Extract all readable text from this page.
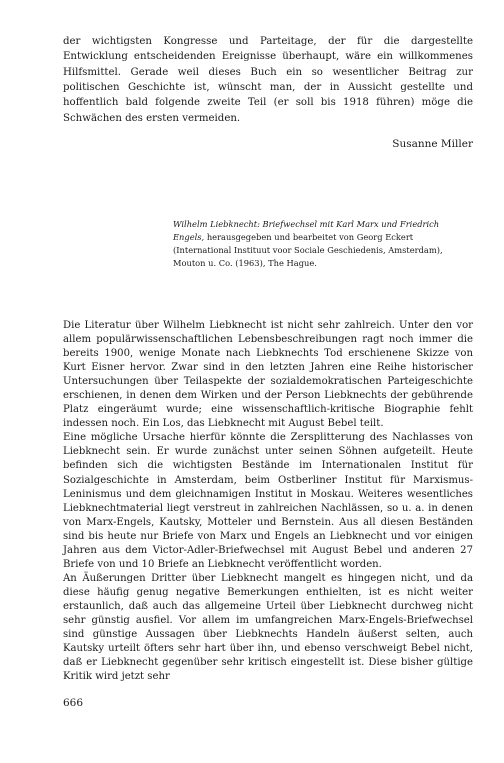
der wichtigsten Kongresse und Parteitage, der für die dargestellte Entwicklung entscheidenden Ereignisse überhaupt, wäre ein willkommenes Hilfsmittel. Gerade weil dieses Buch ein so wesentlicher Beitrag zur politischen Geschichte ist, wünscht man, der in Aussicht gestellte und hoffentlich bald folgende zweite Teil (er soll bis 1918 führen) möge die Schwächen des ersten vermeiden.

Susanne Miller
Wilhelm Liebknecht: Briefwechsel mit Karl Marx und Friedrich Engels, herausgegeben und bearbeitet von Georg Eckert (International Instituut voor Sociale Geschiedenis, Amsterdam), Mouton u. Co. (1963), The Hague.

Die Literatur über Wilhelm Liebknecht ist nicht sehr zahlreich. Unter den vor allem populärwissenschaftlichen Lebensbeschreibungen ragt noch immer die bereits 1900, wenige Monate nach Liebknechts Tod erschienene Skizze von Kurt Eisner hervor. Zwar sind in den letzten Jahren eine Reihe historischer Untersuchungen über Teilaspekte der sozialdemokratischen Parteigeschichte erschienen, in denen dem Wirken und der Person Liebknechts der gebührende Platz eingeräumt wurde; eine wissenschaftlich-kritische Biographie fehlt indessen noch. Ein Los, das Liebknecht mit August Bebel teilt.

Eine mögliche Ursache hierfür könnte die Zersplitterung des Nachlasses von Liebknecht sein. Er wurde zunächst unter seinen Söhnen aufgeteilt. Heute befinden sich die wichtigsten Bestände im Internationalen Institut für Sozialgeschichte in Amsterdam, beim Ostberliner Institut für Marxismus-Leninismus und dem gleichnamigen Institut in Moskau. Weiteres wesentliches Liebknechtmaterial liegt verstreut in zahlreichen Nachlässen, so u. a. in denen von Marx-Engels, Kautsky, Motteler und Bernstein. Aus all diesen Beständen sind bis heute nur Briefe von Marx und Engels an Liebknecht und vor einigen Jahren aus dem Victor-Adler-Briefwechsel mit August Bebel und anderen 27 Briefe von und 10 Briefe an Liebknecht veröffentlicht worden.

An Äußerungen Dritter über Liebknecht mangelt es hingegen nicht, und da diese häufig genug negative Bemerkungen enthielten, ist es nicht weiter erstaunlich, daß auch das allgemeine Urteil über Liebknecht durchweg nicht sehr günstig ausfiel. Vor allem im umfangreichen Marx-Engels-Briefwechsel sind günstige Aussagen über Liebknechts Handeln äußerst selten, auch Kautsky urteilt öfters sehr hart über ihn, und ebenso verschweigt Bebel nicht, daß er Liebknecht gegenüber sehr kritisch eingestellt ist. Diese bisher gültige Kritik wird jetzt sehr

666
